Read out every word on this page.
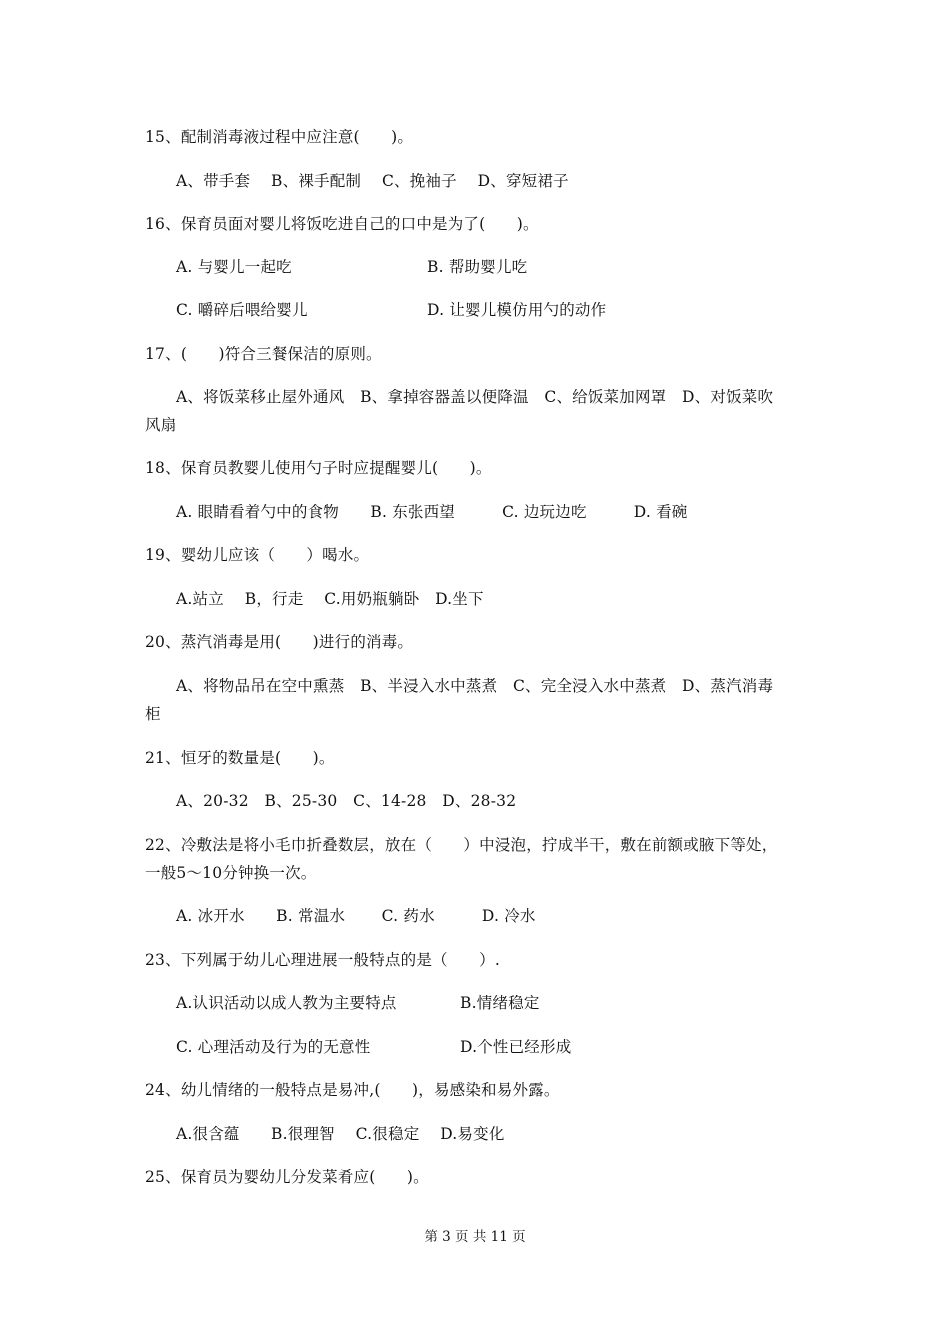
15、配制消毒液过程中应注意(　　)。
A、带手套　 B、裸手配制　 C、挽袖子　 D、穿短裙子
16、保育员面对婴儿将饭吃进自己的口中是为了(　　)。
A. 与婴儿一起吃	B. 帮助婴儿吃
C. 嚼碎后喂给婴儿	D. 让婴儿模仿用勺的动作
17、(　　)符合三餐保洁的原则。
A、将饭菜移止屋外通风　B、拿掉容器盖以便降温　C、给饭菜加网罩　D、对饭菜吹
风扇
18、保育员教婴儿使用勺子时应提醒婴儿(　　)。
A. 眼睛看着勺中的食物　　B. 东张西望　　　C. 边玩边吃　　　D. 看碗
19、婴幼儿应该（　　）喝水。
A.站立　 B，行走　 C.用奶瓶躺卧　D.坐下
20、蒸汽消毒是用(　　)进行的消毒。
A、将物品吊在空中熏蒸　B、半浸入水中蒸煮　C、完全浸入水中蒸煮　D、蒸汽消毒
柜
21、恒牙的数量是(　　)。
A、20-32　B、25-30　C、14-28　D、28-32
22、冷敷法是将小毛巾折叠数层，放在（　　）中浸泡，拧成半干，敷在前额或腋下等处，
一般5～10分钟换一次。
A. 冰开水　　B. 常温水　　 C. 药水　　　D. 冷水
23、下列属于幼儿心理进展一般特点的是（　　）.
A.认识活动以成人教为主要特点	B.情绪稳定
C. 心理活动及行为的无意性	D.个性已经形成
24、幼儿情绪的一般特点是易冲,(　　)，易感染和易外露。
A.很含蕴　　B.很理智　 C.很稳定　 D.易变化
25、保育员为婴幼儿分发菜肴应(　　)。
第 3 页 共 11 页
